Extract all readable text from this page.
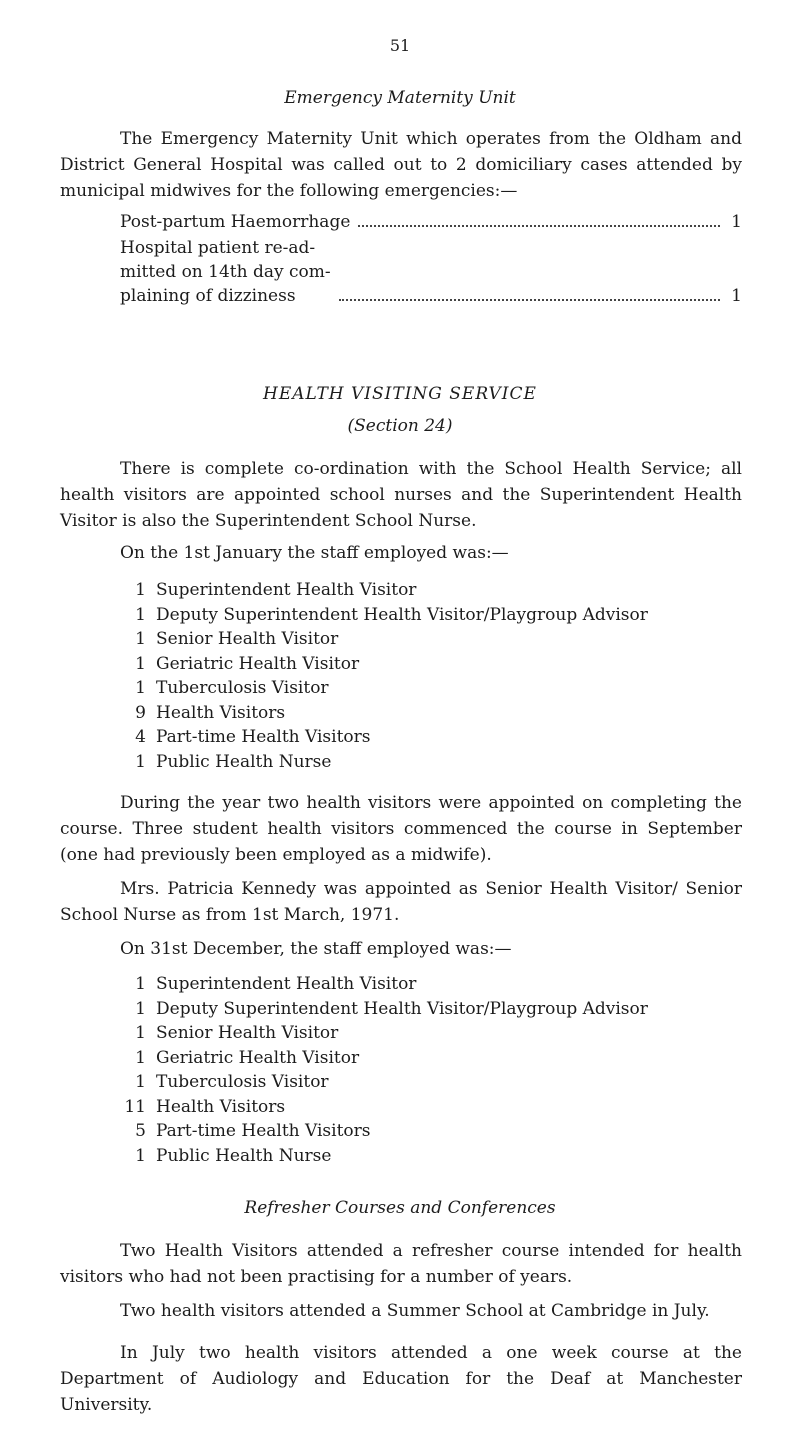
51
Emergency Maternity Unit

The Emergency Maternity Unit which operates from the Oldham and District General Hospital was called out to 2 domiciliary cases attended by municipal midwives for the following emergencies:—

Post-partum Haemorrhage	1
Hospital patient re-ad-
mitted on 14th day com-
plaining of dizziness	1
HEALTH VISITING SERVICE
(Section 24)

There is complete co-ordination with the School Health Service; all health visitors are appointed school nurses and the Superintendent Health Visitor is also the Superintendent School Nurse.

On the 1st January the staff employed was:—

1 Superintendent Health Visitor
1 Deputy Superintendent Health Visitor/Playgroup Advisor
1 Senior Health Visitor
1 Geriatric Health Visitor
1 Tuberculosis Visitor
9 Health Visitors
4 Part-time Health Visitors
1 Public Health Nurse

During the year two health visitors were appointed on completing the course. Three student health visitors commenced the course in September (one had previously been employed as a midwife).

Mrs. Patricia Kennedy was appointed as Senior Health Visitor/ Senior School Nurse as from 1st March, 1971.

On 31st December, the staff employed was:—

1 Superintendent Health Visitor
1 Deputy Superintendent Health Visitor/Playgroup Advisor
1 Senior Health Visitor
1 Geriatric Health Visitor
1 Tuberculosis Visitor
11 Health Visitors
5 Part-time Health Visitors
1 Public Health Nurse
Refresher Courses and Conferences

Two Health Visitors attended a refresher course intended for health visitors who had not been practising for a number of years.

Two health visitors attended a Summer School at Cambridge in July.

In July two health visitors attended a one week course at the Department of Audiology and Education for the Deaf at Manchester University.
